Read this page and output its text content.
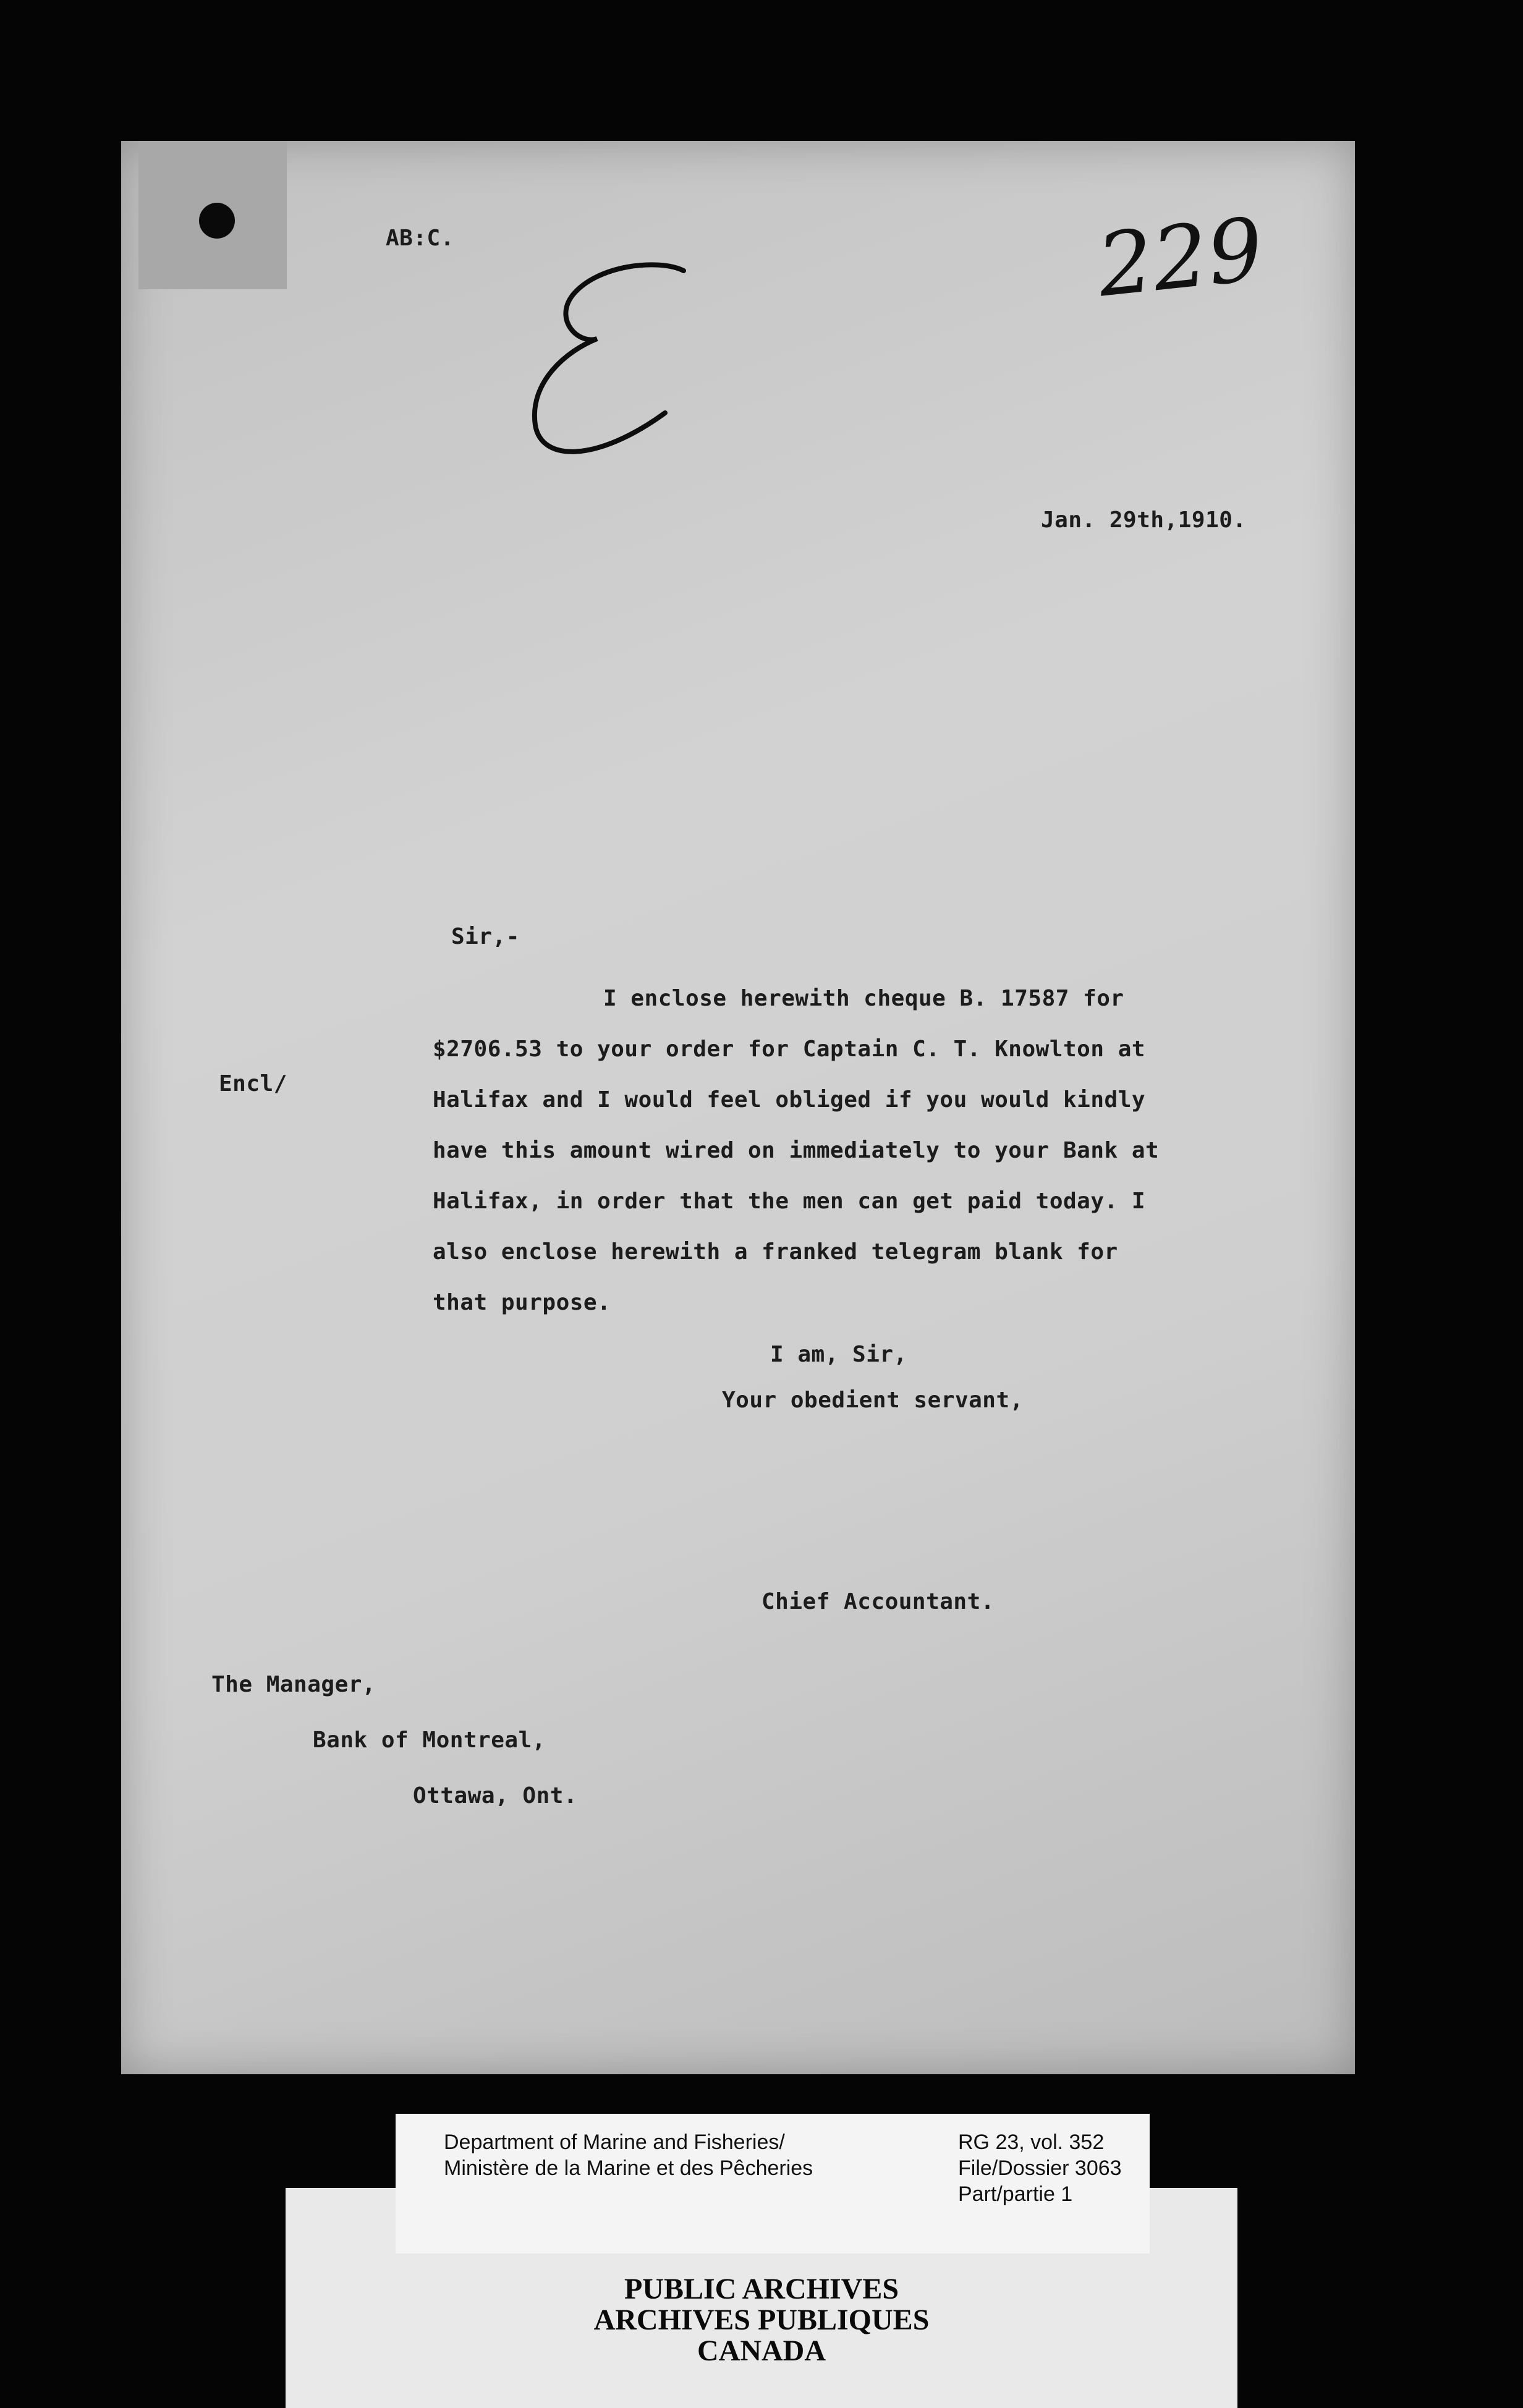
AB:C.	229

Jan. 29th,1910.

Sir,-

Encl/

I enclose herewith cheque B. 17587 for

$2706.53 to your order for Captain C. T. Knowlton at

Halifax and I would feel obliged if you would kindly

have this amount wired on immediately to your Bank at

Halifax, in order that the men can get paid today. I

also enclose herewith a franked telegram blank for

that purpose.

I am, Sir,

Your obedient servant,

Chief Accountant.

The Manager,

Bank of Montreal,

Ottawa, Ont.

PUBLIC ARCHIVES

ARCHIVES PUBLIQUES

CANADA

Department of Marine and Fisheries/

Ministère de la Marine et des Pêcheries

RG 23, vol. 352

File/Dossier 3063

Part/partie 1
